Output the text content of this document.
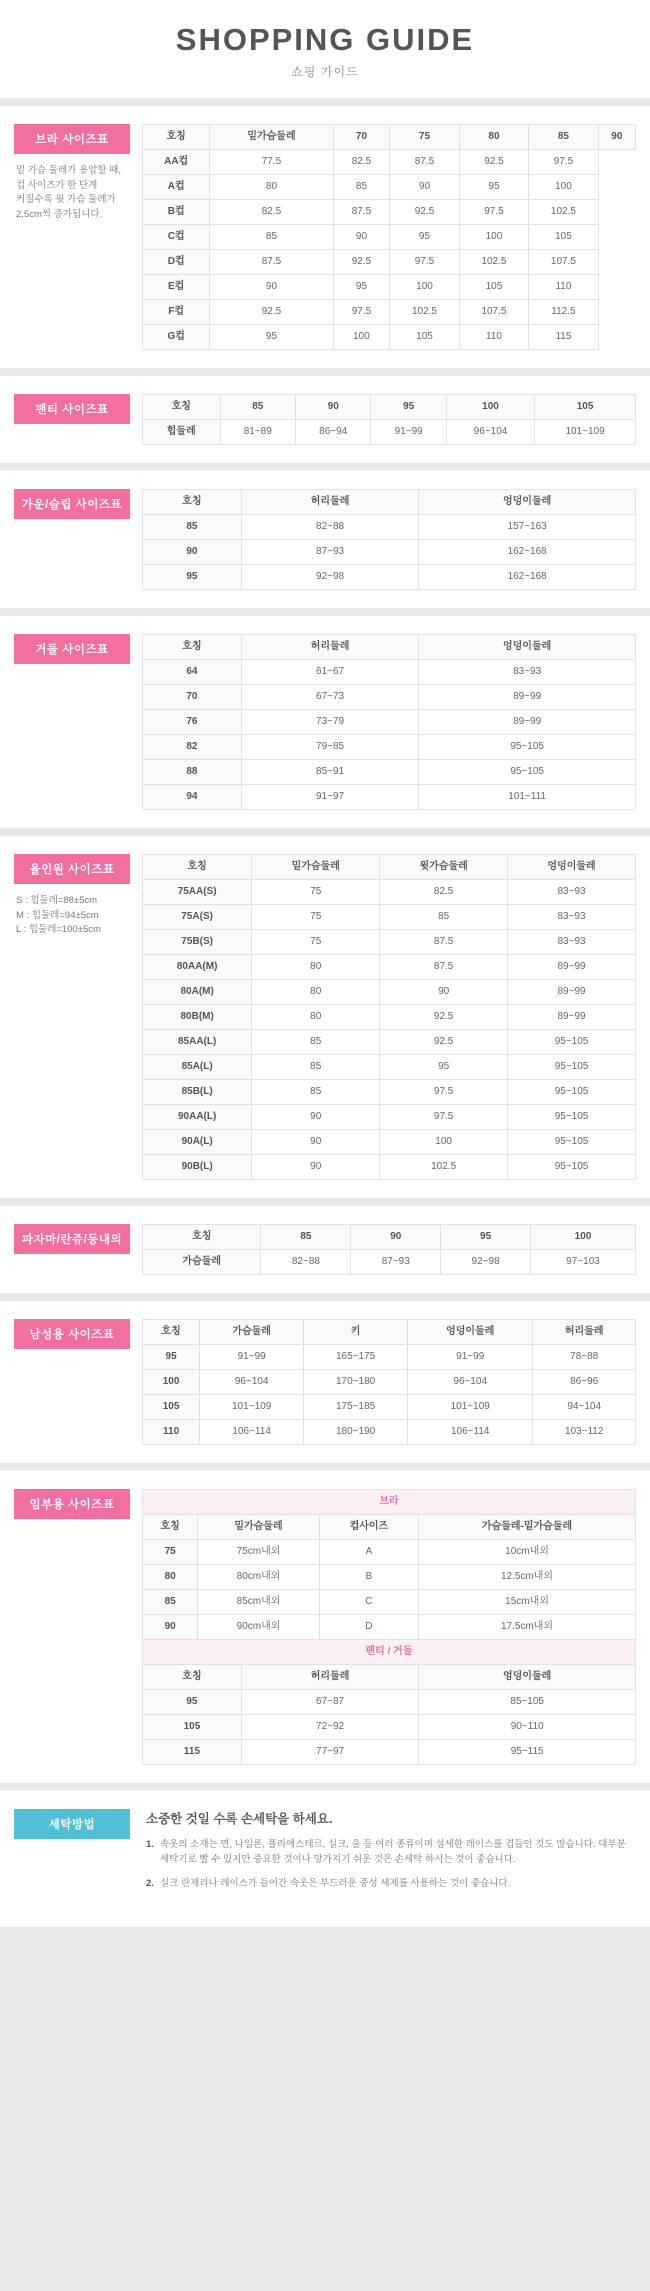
SHOPPING GUIDE
쇼핑 가이드
브라 사이즈표
밑 가슴 둘레가 용압할 때,
컵 사이즈가 한 단계
커질수록 윗 가슴 둘레가
2,5cm씩 증가됩니다.
호칭	밑가슴둘레	70	75	80	85	90
AA컵	77.5	82.5	87.5	92.5	97.5	
A컵	80	85	90	95	100	
B컵	82.5	87.5	92.5	97.5	102.5	
C컵	85	90	95	100	105	
D컵	87.5	92.5	97.5	102.5	107.5	
E컵	90	95	100	105	110	
F컵	92.5	97.5	102.5	107.5	112.5	
G컵	95	100	105	110	115	
팬티 사이즈표	호칭	85	90	95	100	105
힙둘레	81~89	86~94	91~99	96~104	101~109
가운/슬립 사이즈표	호칭	허리둘레	엉덩이둘레
85	82~88	157~163
90	87~93	162~168
95	92~98	162~168
거들 사이즈표	호칭	허리둘레	엉덩이둘레
64	61~67	83~93
70	67~73	89~99
76	73~79	89~99
82	79~85	95~105
88	85~91	95~105
94	91~97	101~111
올인원 사이즈표
S : 힙둘레=88±5cm
M : 힙둘레=94±5cm
L : 힙둘레=100±5cm
호칭	밑가슴둘레	윗가슴둘레	엉덩이둘레
75AA(S)	75	82.5	83~93
75A(S)	75	85	83~93
75B(S)	75	87.5	83~93
80AA(M)	80	87.5	89~99
80A(M)	80	90	89~99
80B(M)	80	92.5	89~99
85AA(L)	85	92.5	95~105
85A(L)	85	95	95~105
85B(L)	85	97.5	95~105
90AA(L)	90	97.5	95~105
90A(L)	90	100	95~105
90B(L)	90	102.5	95~105
파자마/란쥬/동내의	호칭	85	90	95	100
가슴둘레	82~88	87~93	92~98	97~103
남성용 사이즈표	호칭	가슴둘레	키	엉덩이둘레	허리둘레
95	91~99	165~175	91~99	78~88
100	96~104	170~180	96~104	86~96
105	101~109	175~185	101~109	94~104
110	106~114	180~190	106~114	103~112
임부용 사이즈표	브라			
호칭	밑가슴둘레	컵사이즈	가슴둘레-밑가슴둘레
75	75cm내외	A	10cm내외
80	80cm내외	B	12.5cm내외
85	85cm내외	C	15cm내외
90	90cm내외	D	17.5cm내외
팬티 / 거들		
호칭	허리둘레	엉덩이둘레
95	67~87	85~105
105	72~92	90~110
115	77~97	95~115
세탁방법	소중한 것일 수록 손세탁을 하세요.
1. 속옷의 소재는 면, 나일론, 폴리에스테르, 실크, 울 등 여러 종류이며 섬세한 레이스를 겹들인 것도 많습니다. 대부분 세탁기로 빨 수 있지만 중요한 것이나 망가지기 쉬운 것은 손세탁 하시는 것이 좋습니다.
2. 실크 란제리나 레이스가 들어간 속옷은 부드러운 중성 세제를 사용하는 것이 좋습니다.
